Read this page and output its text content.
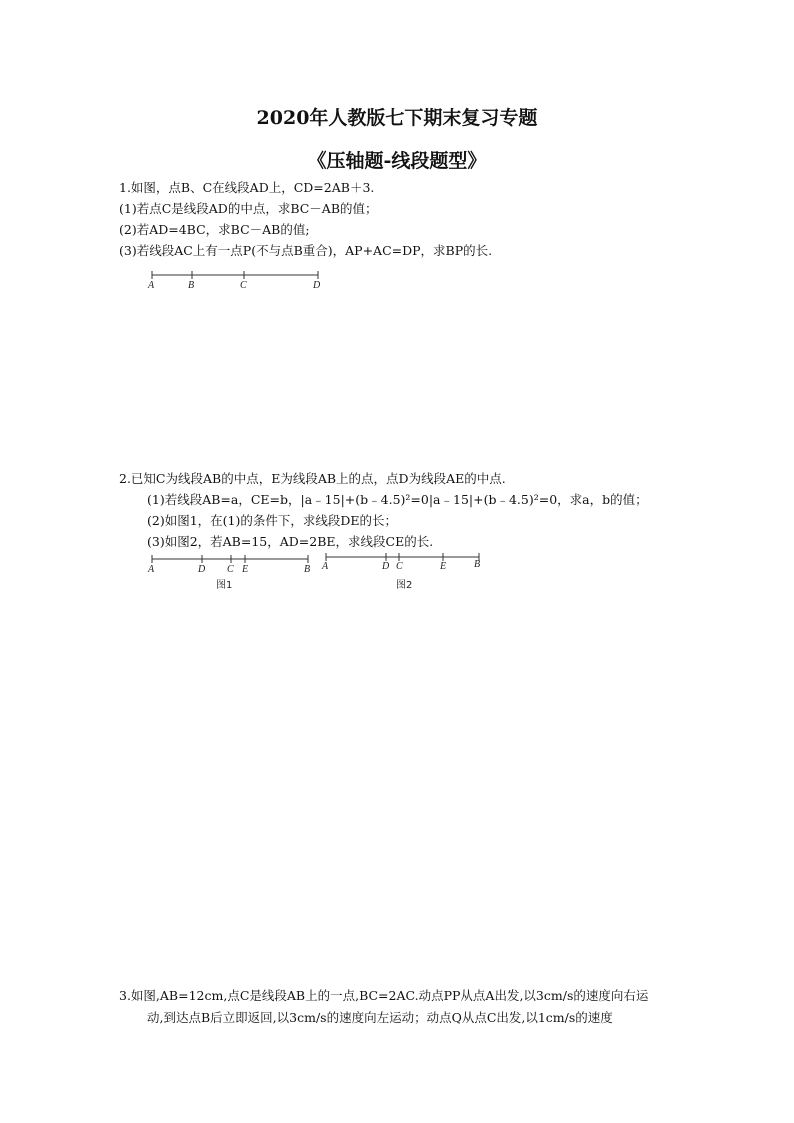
2020年人教版七下期末复习专题
《压轴题-线段题型》
1.如图，点B、C在线段AD上，CD=2AB＋3.
(1)若点C是线段AD的中点，求BC－AB的值；
(2)若AD=4BC，求BC－AB的值;
(3)若线段AC上有一点P(不与点B重合)，AP+AC=DP，求BP的长.
A	B	C	D
2.已知C为线段AB的中点，E为线段AB上的点，点D为线段AE的中点.
(1)若线段AB=a，CE=b，|a﹣15|+(b﹣4.5)²=0|a﹣15|+(b﹣4.5)²=0，求a，b的值；
(2)如图1，在(1)的条件下，求线段DE的长；
(3)如图2，若AB=15，AD=2BE，求线段CE的长.
A	D C E	B
图1
A	D C	E	B
图2
3.如图,AB=12cm,点C是线段AB上的一点,BC=2AC.动点PP从点A出发,以3cm/s的速度向右运
动,到达点B后立即返回,以3cm/s的速度向左运动；动点Q从点C出发,以1cm/s的速度
